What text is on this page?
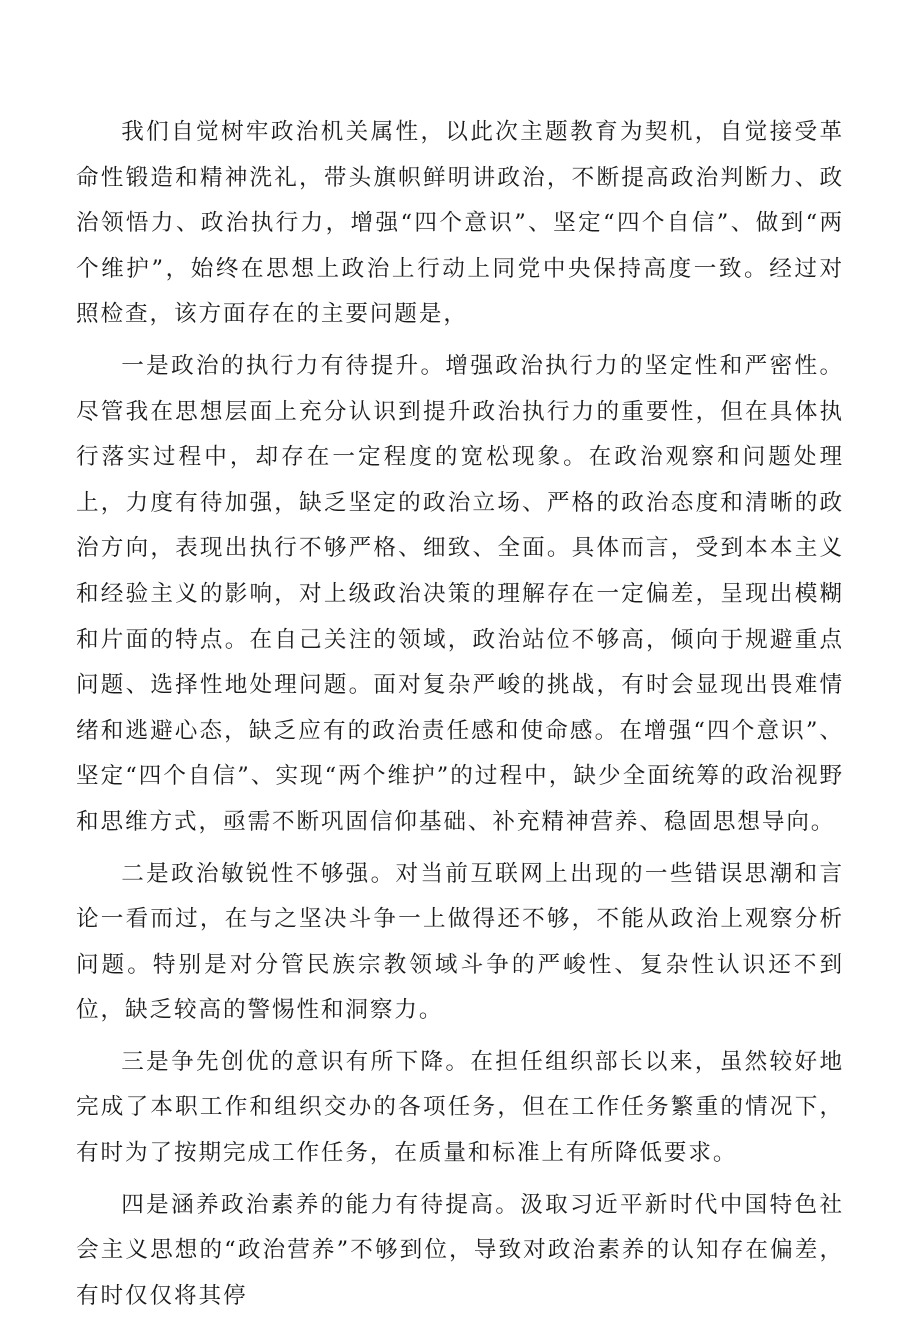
我们自觉树牢政治机关属性，以此次主题教育为契机，自觉接受革命性锻造和精神洗礼，带头旗帜鲜明讲政治，不断提高政治判断力、政治领悟力、政治执行力，增强“四个意识”、坚定“四个自信”、做到“两个维护”，始终在思想上政治上行动上同党中央保持高度一致。经过对照检查，该方面存在的主要问题是，

一是政治的执行力有待提升。增强政治执行力的坚定性和严密性。尽管我在思想层面上充分认识到提升政治执行力的重要性，但在具体执行落实过程中，却存在一定程度的宽松现象。在政治观察和问题处理上，力度有待加强，缺乏坚定的政治立场、严格的政治态度和清晰的政治方向，表现出执行不够严格、细致、全面。具体而言，受到本本主义和经验主义的影响，对上级政治决策的理解存在一定偏差，呈现出模糊和片面的特点。在自己关注的领域，政治站位不够高，倾向于规避重点问题、选择性地处理问题。面对复杂严峻的挑战，有时会显现出畏难情绪和逃避心态，缺乏应有的政治责任感和使命感。在增强“四个意识”、坚定“四个自信”、实现“两个维护”的过程中，缺少全面统筹的政治视野和思维方式，亟需不断巩固信仰基础、补充精神营养、稳固思想导向。

二是政治敏锐性不够强。对当前互联网上出现的一些错误思潮和言论一看而过，在与之坚决斗争一上做得还不够，不能从政治上观察分析问题。特别是对分管民族宗教领域斗争的严峻性、复杂性认识还不到位，缺乏较高的警惕性和洞察力。

三是争先创优的意识有所下降。在担任组织部长以来，虽然较好地完成了本职工作和组织交办的各项任务，但在工作任务繁重的情况下，有时为了按期完成工作任务，在质量和标准上有所降低要求。

四是涵养政治素养的能力有待提高。汲取习近平新时代中国特色社会主义思想的“政治营养”不够到位，导致对政治素养的认知存在偏差，有时仅仅将其停
